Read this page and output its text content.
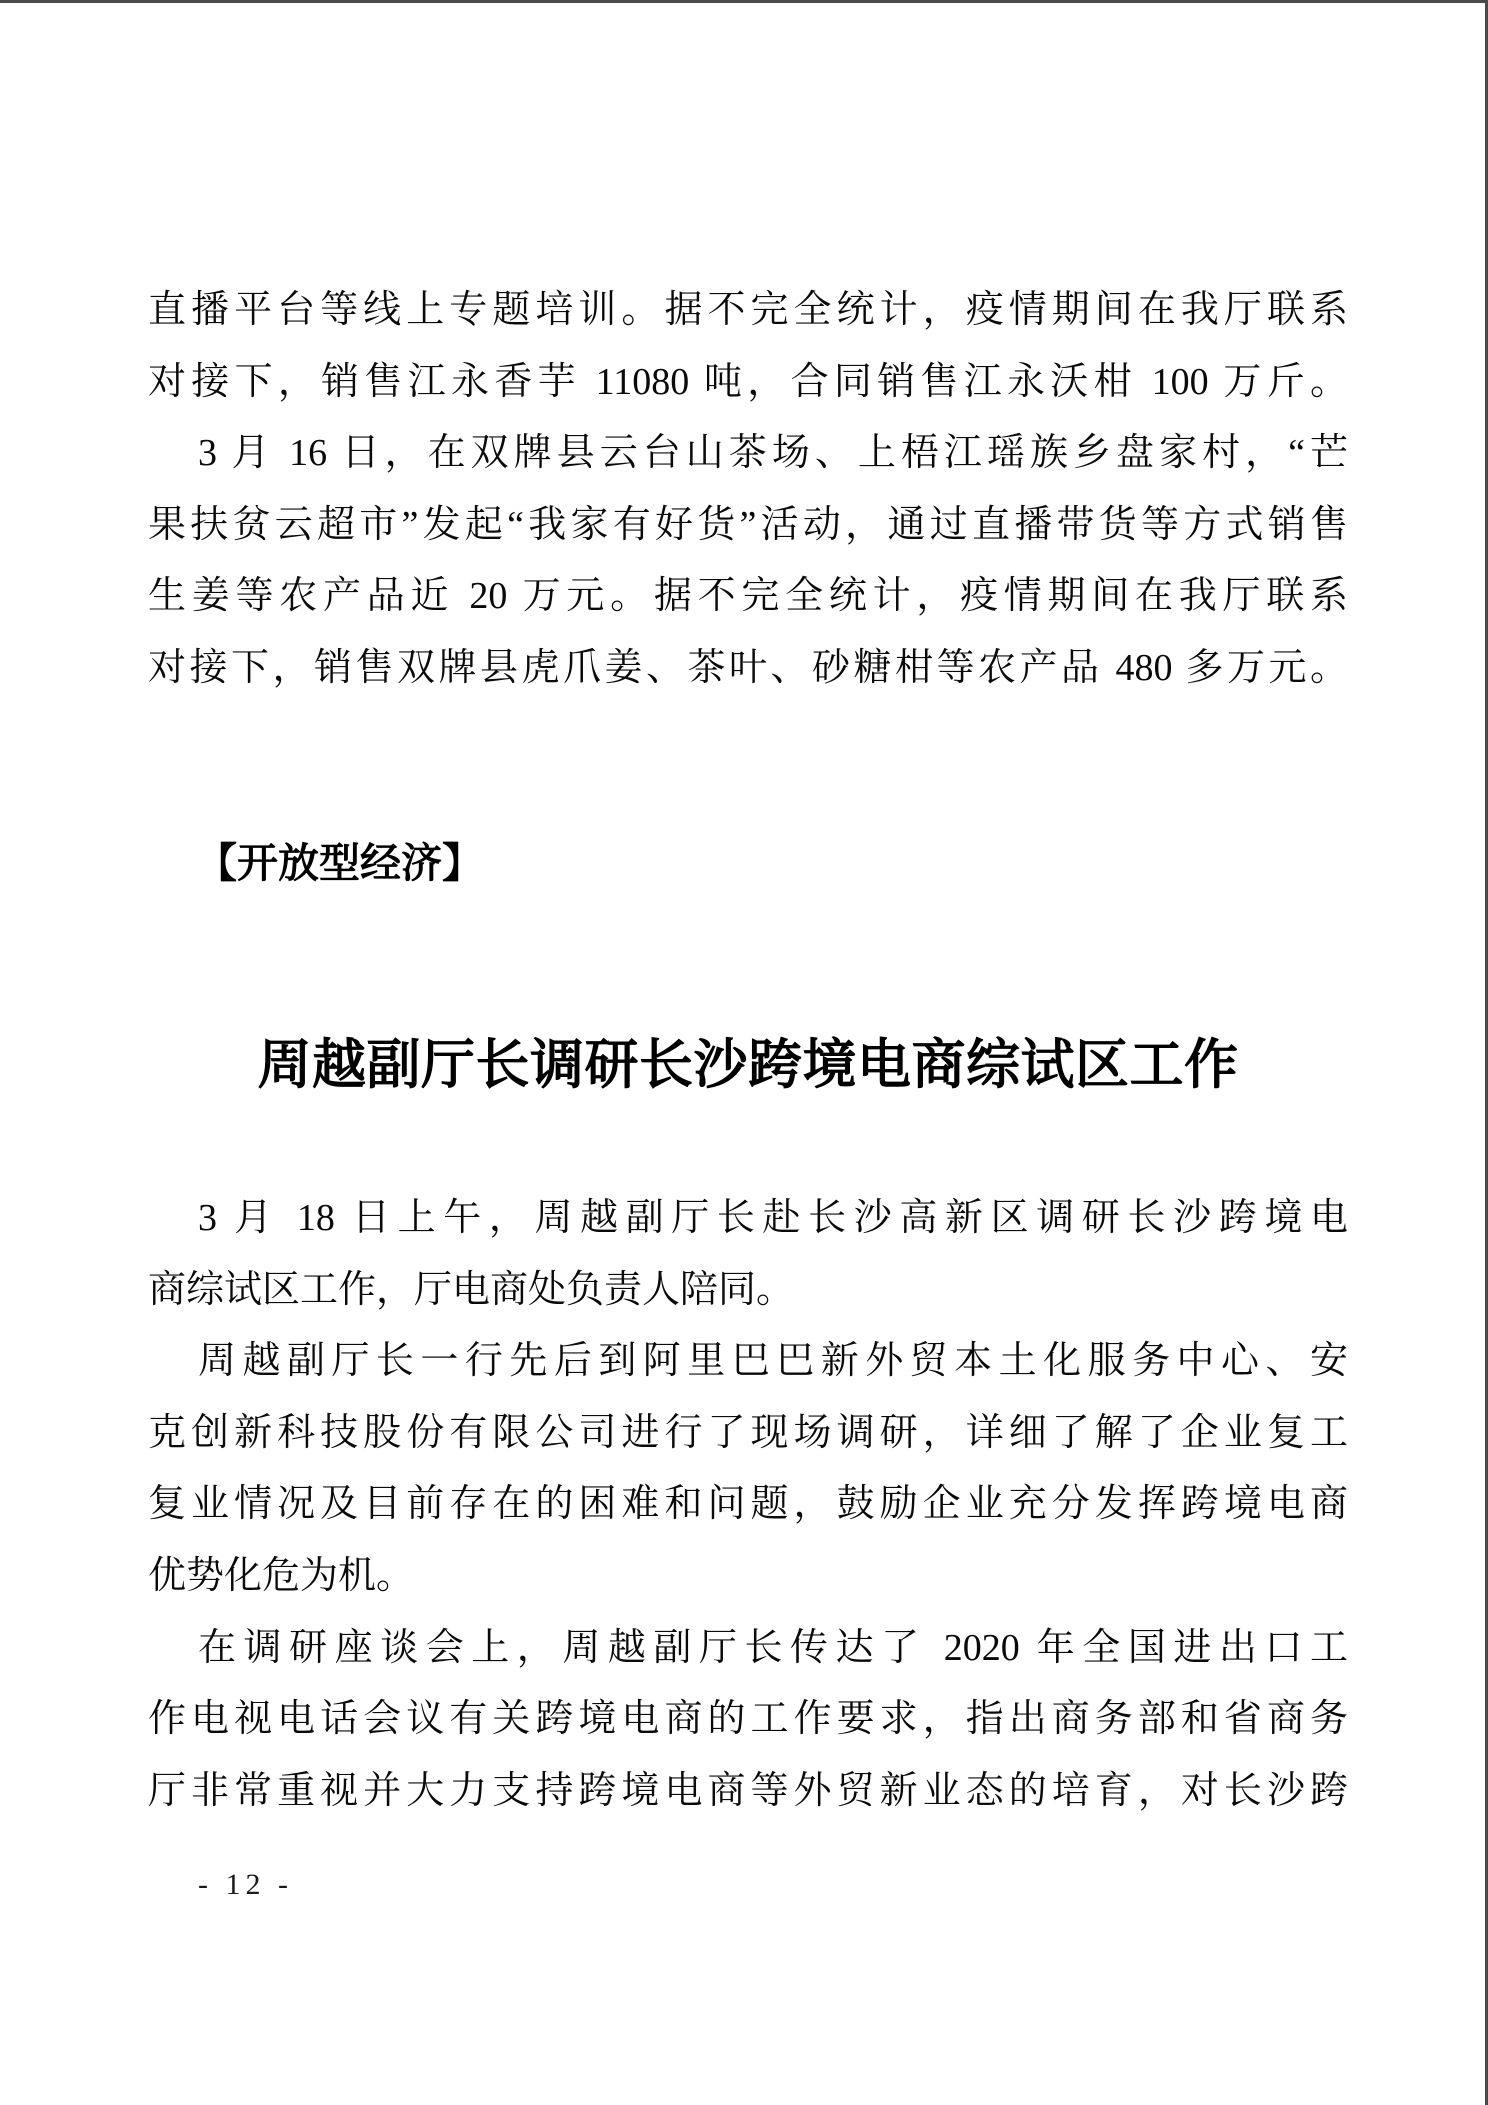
直播平台等线上专题培训。据不完全统计，疫情期间在我厅联系
对接下，销售江永香芋 11080 吨，合同销售江永沃柑 100 万斤。
3 月 16 日，在双牌县云台山茶场、上梧江瑶族乡盘家村，“芒
果扶贫云超市”发起“我家有好货”活动，通过直播带货等方式销售
生姜等农产品近 20 万元。据不完全统计，疫情期间在我厅联系
对接下，销售双牌县虎爪姜、茶叶、砂糖柑等农产品 480 多万元。
【开放型经济】
周越副厅长调研长沙跨境电商综试区工作
3 月 18 日上午，周越副厅长赴长沙高新区调研长沙跨境电
商综试区工作，厅电商处负责人陪同。
周越副厅长一行先后到阿里巴巴新外贸本土化服务中心、安
克创新科技股份有限公司进行了现场调研，详细了解了企业复工
复业情况及目前存在的困难和问题，鼓励企业充分发挥跨境电商
优势化危为机。
在调研座谈会上，周越副厅长传达了 2020 年全国进出口工
作电视电话会议有关跨境电商的工作要求，指出商务部和省商务
厅非常重视并大力支持跨境电商等外贸新业态的培育，对长沙跨
- 12 -
